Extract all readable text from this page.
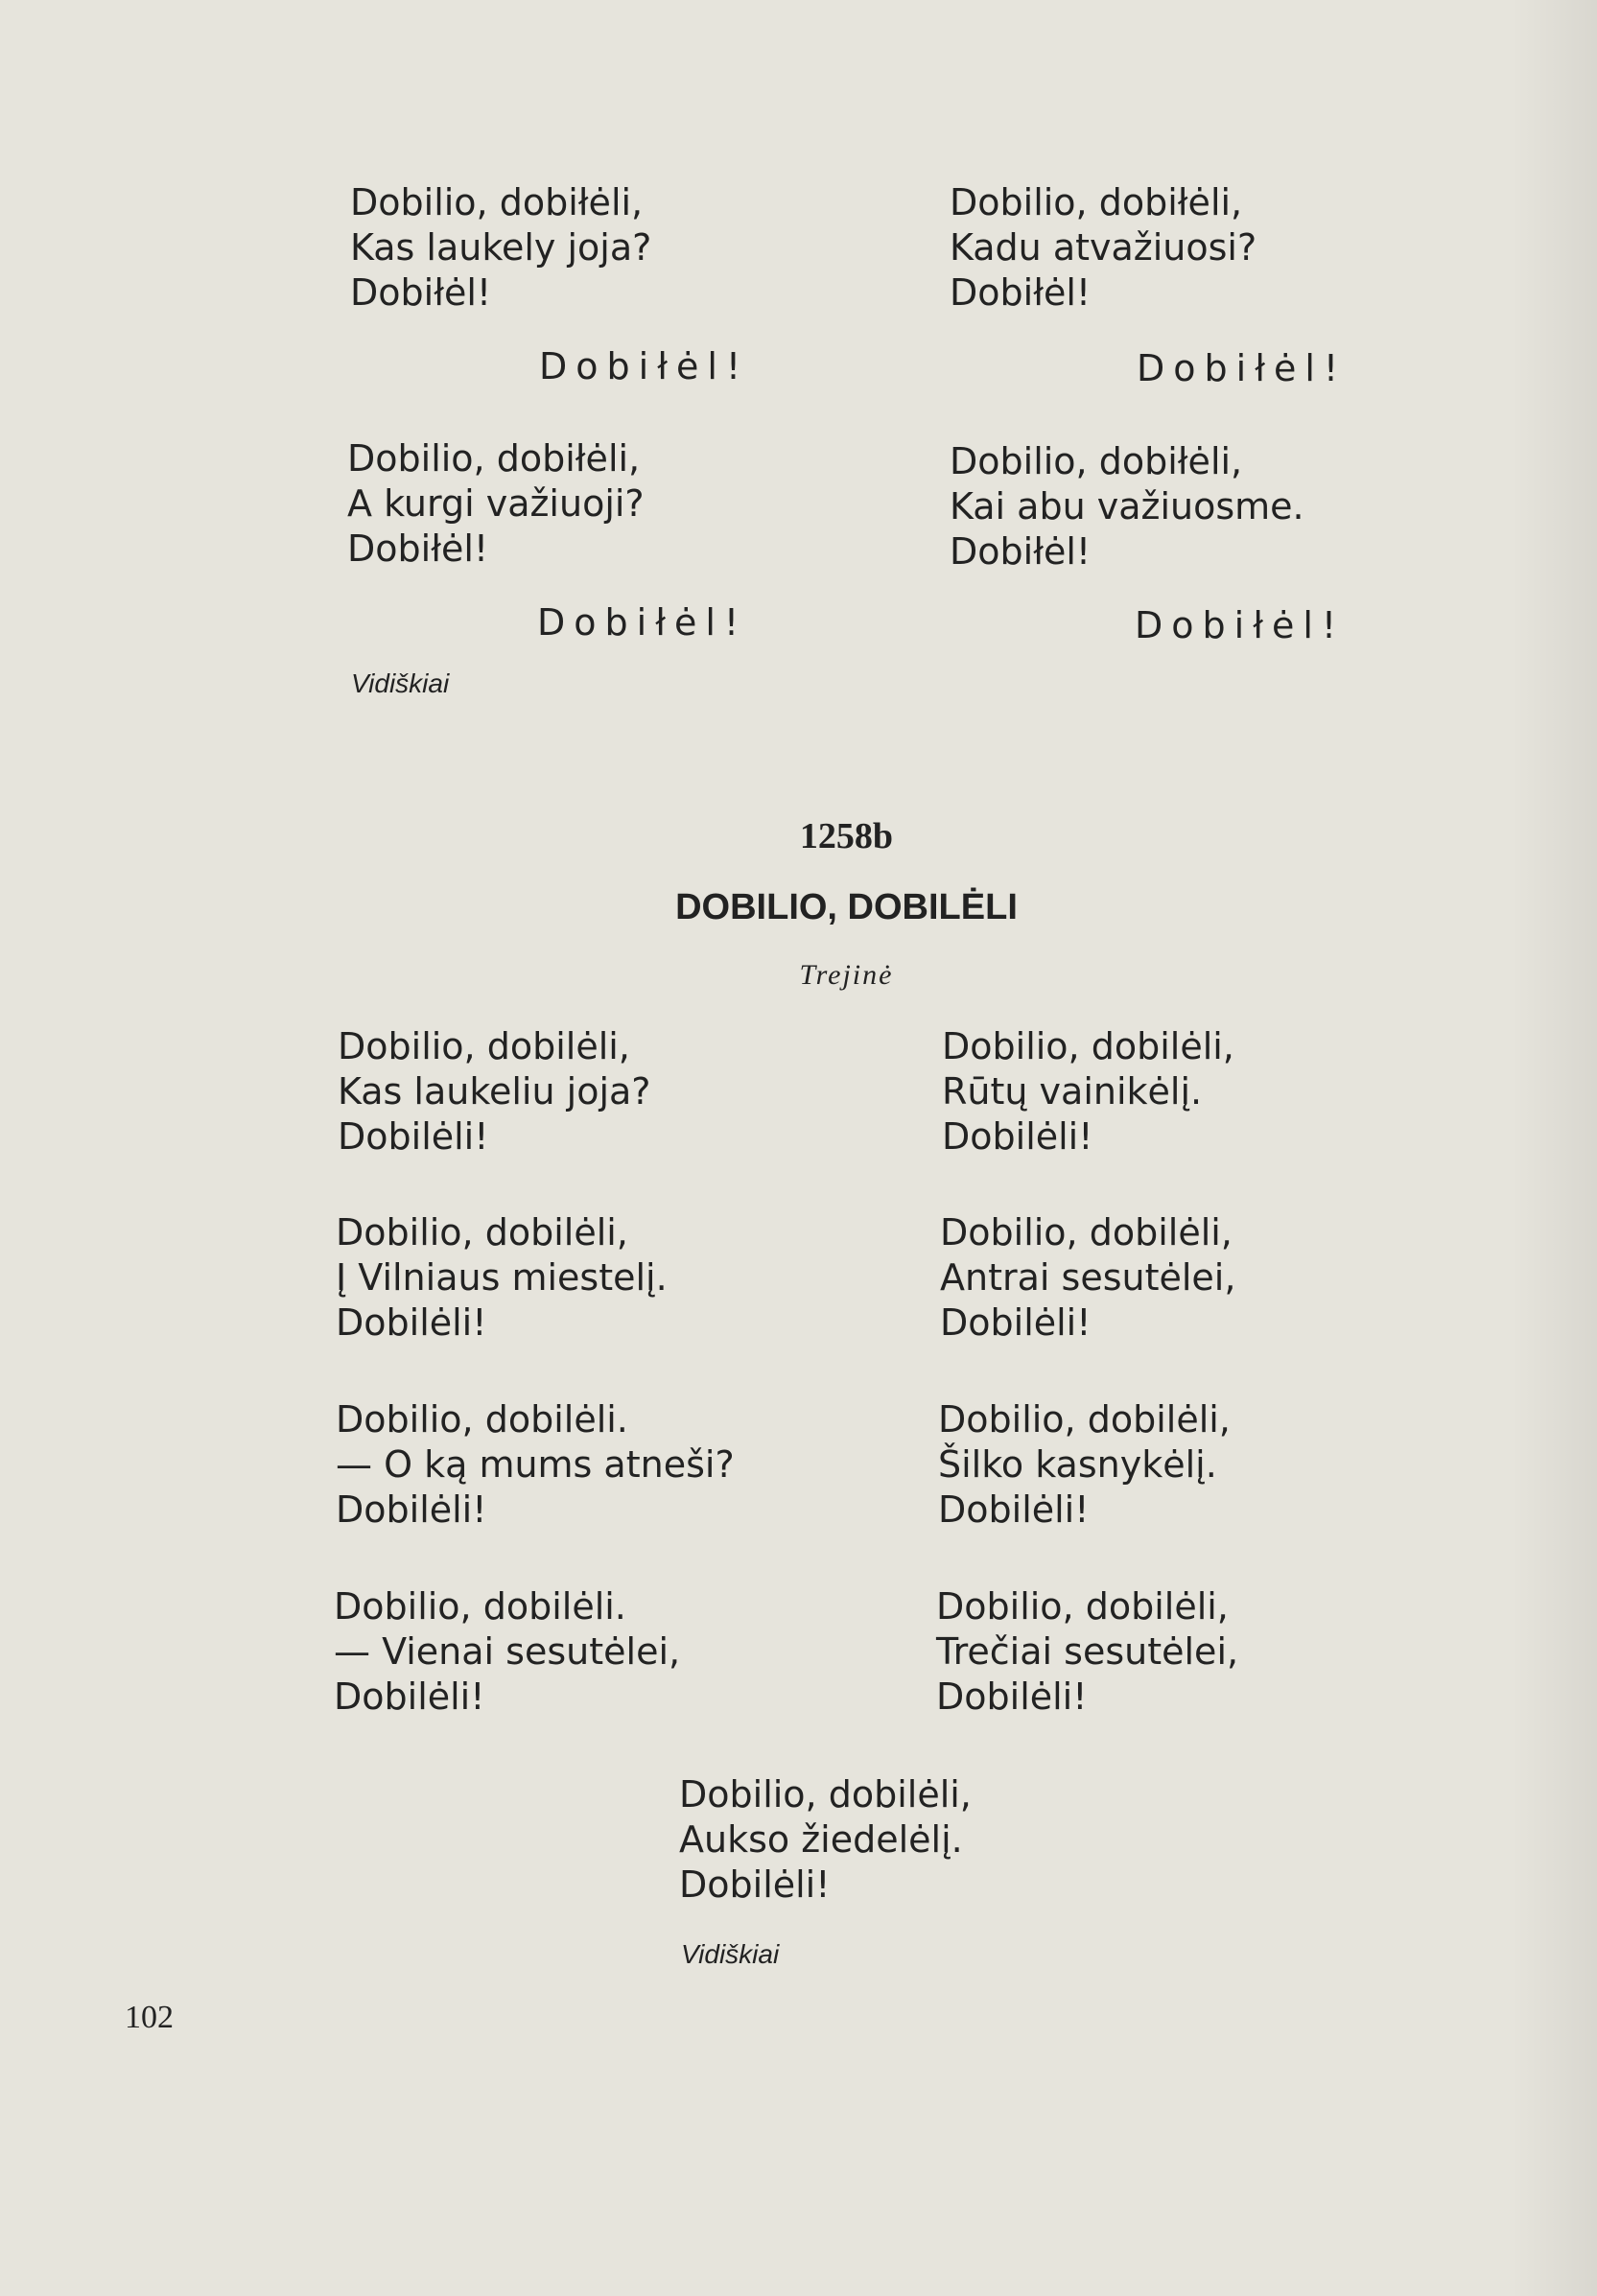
Dobilio, dobiłėli,
Kas laukely joja?
Dobiłėl!
Dobilio, dobiłėli,
Kadu atvažiuosi?
Dobiłėl!
Dobiłėl!	Dobiłėl!
Dobilio, dobiłėli,
A kurgi važiuoji?
Dobiłėl!
Dobilio, dobiłėli,
Kai abu važiuosme.
Dobiłėl!
Dobiłėl!	Dobiłėl!
Vidiškiai
1258b
DOBILIO, DOBILĖLI
Trejinė
Dobilio, dobilėli,
Kas laukeliu joja?
Dobilėli!
Dobilio, dobilėli,
Rūtų vainikėlį.
Dobilėli!
Dobilio, dobilėli,
Į Vilniaus miestelį.
Dobilėli!
Dobilio, dobilėli,
Antrai sesutėlei,
Dobilėli!
Dobilio, dobilėli.
— O ką mums atneši?
Dobilėli!
Dobilio, dobilėli,
Šilko kasnykėlį.
Dobilėli!
Dobilio, dobilėli.
— Vienai sesutėlei,
Dobilėli!
Dobilio, dobilėli,
Trečiai sesutėlei,
Dobilėli!
Dobilio, dobilėli,
Aukso žiedelėlį.
Dobilėli!
Vidiškiai
102
